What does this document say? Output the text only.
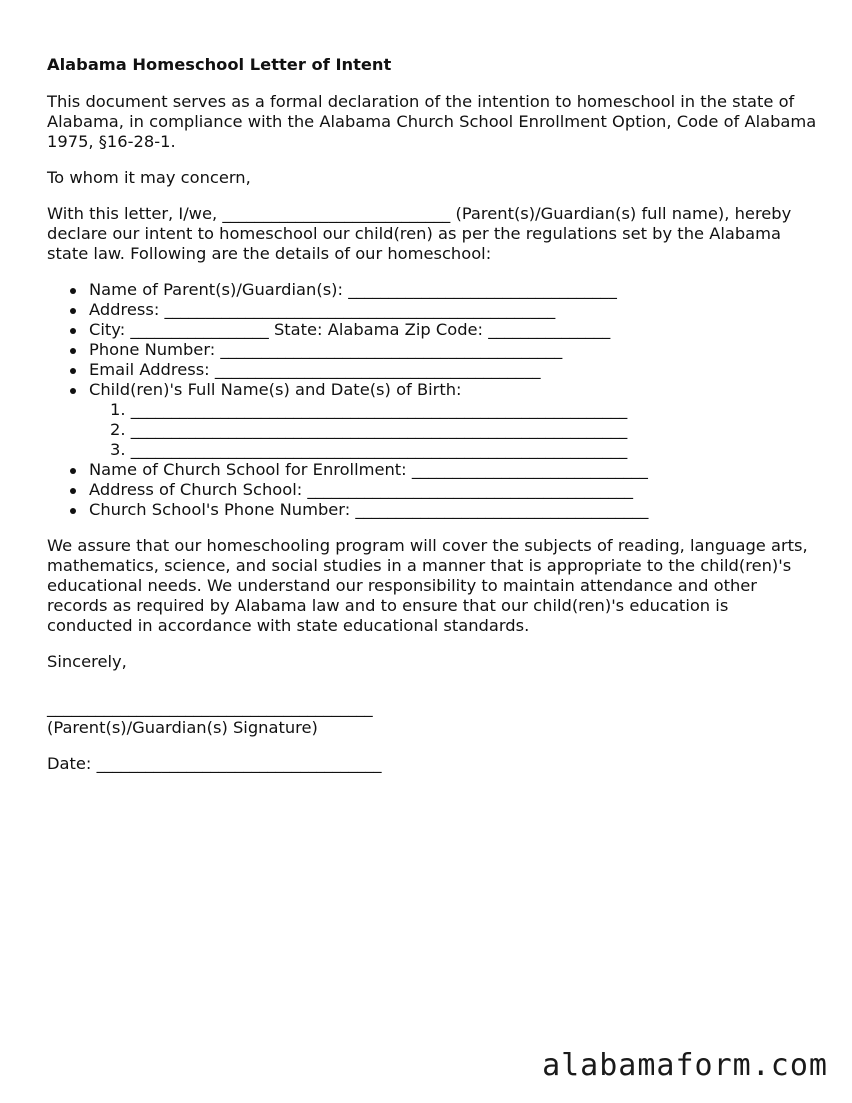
Alabama Homeschool Letter of Intent

This document serves as a formal declaration of the intention to homeschool in the state of Alabama, in compliance with the Alabama Church School Enrollment Option, Code of Alabama 1975, §16-28-1.

To whom it may concern,

With this letter, I/we, ____________________________ (Parent(s)/Guardian(s) full name), hereby declare our intent to homeschool our child(ren) as per the regulations set by the Alabama state law. Following are the details of our homeschool:

Name of Parent(s)/Guardian(s): _________________________________
Address: ________________________________________________
City: _________________ State: Alabama Zip Code: _______________
Phone Number: __________________________________________
Email Address: ________________________________________
Child(ren)'s Full Name(s) and Date(s) of Birth:
1. _____________________________________________________________
2. _____________________________________________________________
3. _____________________________________________________________
Name of Church School for Enrollment: _____________________________
Address of Church School: ________________________________________
Church School's Phone Number: ____________________________________

We assure that our homeschooling program will cover the subjects of reading, language arts, mathematics, science, and social studies in a manner that is appropriate to the child(ren)'s educational needs. We understand our responsibility to maintain attendance and other records as required by Alabama law and to ensure that our child(ren)'s education is conducted in accordance with state educational standards.

Sincerely,

________________________________________

(Parent(s)/Guardian(s) Signature)

Date: ___________________________________

alabamaform.com
